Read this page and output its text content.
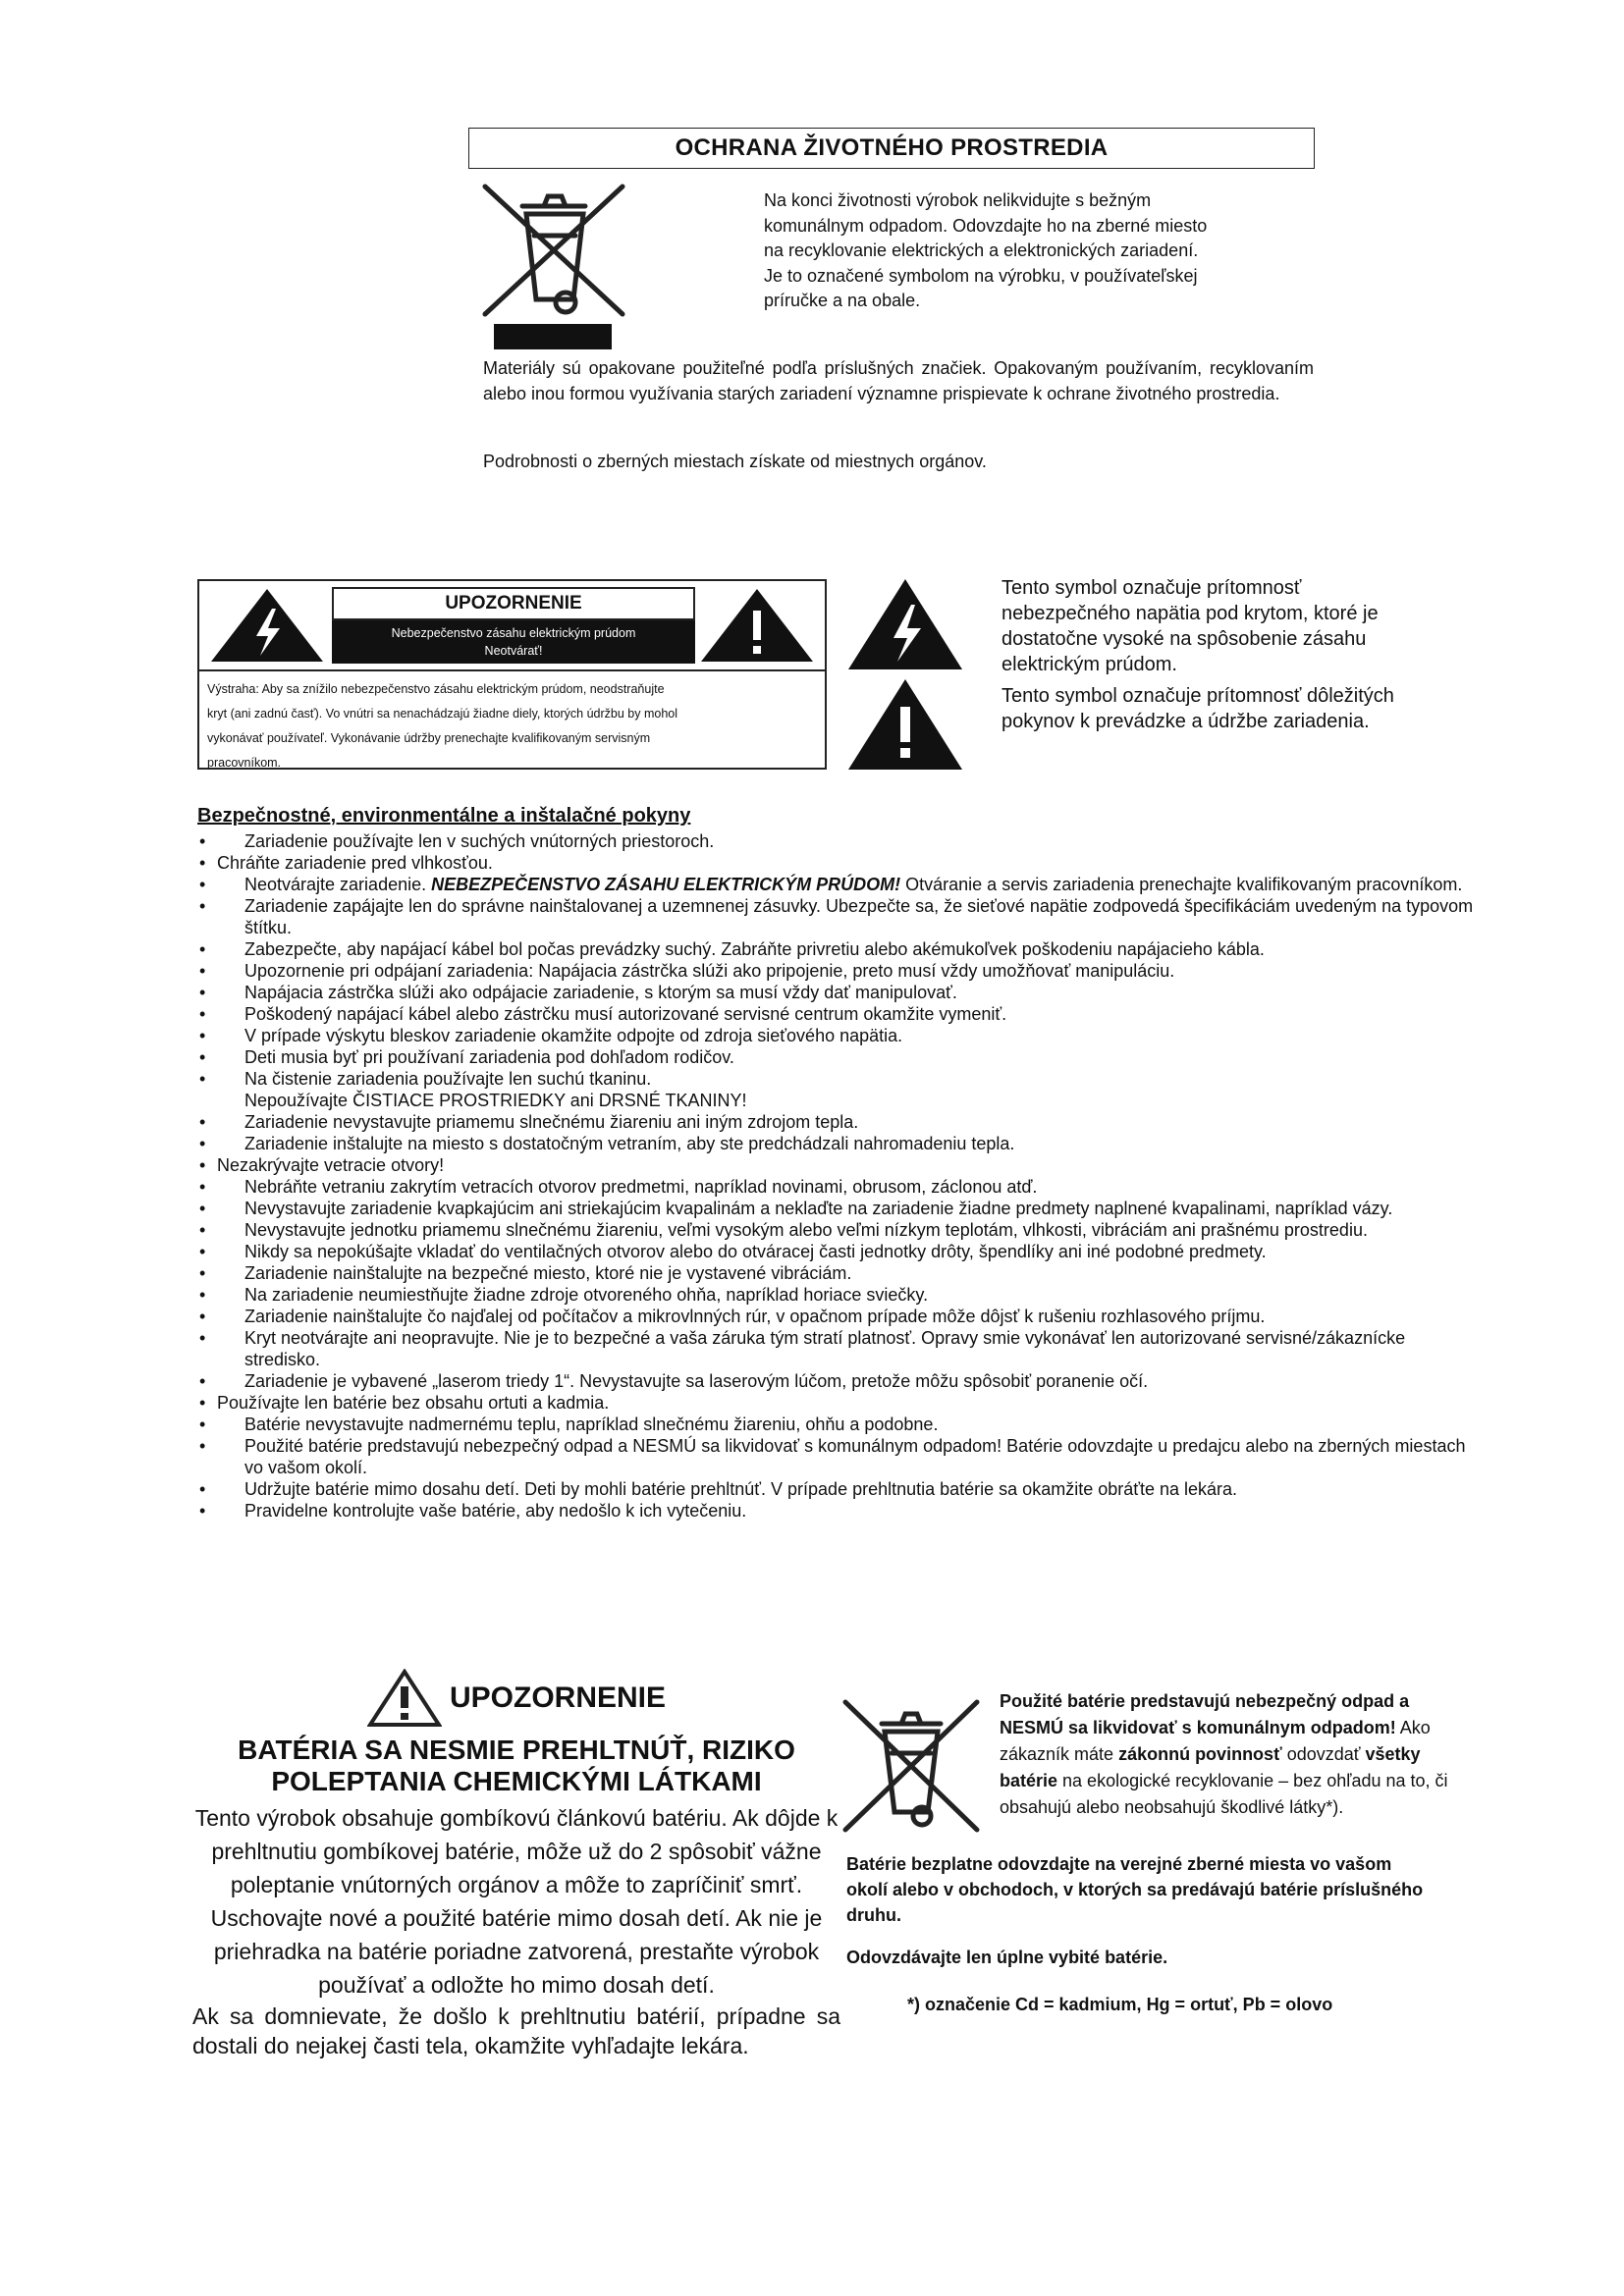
OCHRANA ŽIVOTNÉHO PROSTREDIA

Na konci životnosti výrobok nelikvidujte s bežným

komunálnym odpadom. Odovzdajte ho na zberné miesto

na recyklovanie elektrických a elektronických zariadení.

Je to označené symbolom na výrobku, v používateľskej

príručke a na obale.

Materiály sú opakovane použiteľné podľa príslušných značiek. Opakovaným používaním, recyklovaním alebo inou formou využívania starých zariadení významne prispievate k ochrane životného prostredia.

Podrobnosti o zberných miestach získate od miestnych orgánov.

UPOZORNENIE
Nebezpečenstvo zásahu elektrickým prúdom
Neotvárať!
Výstraha: Aby sa znížilo nebezpečenstvo zásahu elektrickým prúdom, neodstraňujte
kryt (ani zadnú časť). Vo vnútri sa nenachádzajú žiadne diely, ktorých údržbu by mohol
vykonávať používateľ. Vykonávanie údržby prenechajte kvalifikovaným servisným
pracovníkom.

Tento symbol označuje prítomnosť nebezpečného napätia pod krytom, ktoré je dostatočne vysoké na spôsobenie zásahu elektrickým prúdom.

Tento symbol označuje prítomnosť dôležitých pokynov k prevádzke a údržbe zariadenia.

Bezpečnostné, environmentálne a inštalačné pokyny
• Zariadenie používajte len v suchých vnútorných priestoroch.
• Chráňte zariadenie pred vlhkosťou.
• Neotvárajte zariadenie. NEBEZPEČENSTVO ZÁSAHU ELEKTRICKÝM PRÚDOM! Otváranie a servis zariadenia prenechajte kvalifikovaným pracovníkom.
• Zariadenie zapájajte len do správne nainštalovanej a uzemnenej zásuvky. Ubezpečte sa, že sieťové napätie zodpovedá špecifikáciám uvedeným na typovom štítku.
• Zabezpečte, aby napájací kábel bol počas prevádzky suchý. Zabráňte privretiu alebo akémukoľvek poškodeniu napájacieho kábla.
• Upozornenie pri odpájaní zariadenia: Napájacia zástrčka slúži ako pripojenie, preto musí vždy umožňovať manipuláciu.
• Napájacia zástrčka slúži ako odpájacie zariadenie, s ktorým sa musí vždy dať manipulovať.
• Poškodený napájací kábel alebo zástrčku musí autorizované servisné centrum okamžite vymeniť.
• V prípade výskytu bleskov zariadenie okamžite odpojte od zdroja sieťového napätia.
• Deti musia byť pri používaní zariadenia pod dohľadom rodičov.
• Na čistenie zariadenia používajte len suchú tkaninu.
Nepoužívajte ČISTIACE PROSTRIEDKY ani DRSNÉ TKANINY!
• Zariadenie nevystavujte priamemu slnečnému žiareniu ani iným zdrojom tepla.
• Zariadenie inštalujte na miesto s dostatočným vetraním, aby ste predchádzali nahromadeniu tepla.
• Nezakrývajte vetracie otvory!
• Nebráňte vetraniu zakrytím vetracích otvorov predmetmi, napríklad novinami, obrusom, záclonou atď.
• Nevystavujte zariadenie kvapkajúcim ani striekajúcim kvapalinám a neklaďte na zariadenie žiadne predmety naplnené kvapalinami, napríklad vázy.
• Nevystavujte jednotku priamemu slnečnému žiareniu, veľmi vysokým alebo veľmi nízkym teplotám, vlhkosti, vibráciám ani prašnému prostrediu.
• Nikdy sa nepokúšajte vkladať do ventilačných otvorov alebo do otváracej časti jednotky drôty, špendlíky ani iné podobné predmety.
• Zariadenie nainštalujte na bezpečné miesto, ktoré nie je vystavené vibráciám.
• Na zariadenie neumiestňujte žiadne zdroje otvoreného ohňa, napríklad horiace sviečky.
• Zariadenie nainštalujte čo najďalej od počítačov a mikrovlnných rúr, v opačnom prípade môže dôjsť k rušeniu rozhlasového príjmu.
• Kryt neotvárajte ani neopravujte. Nie je to bezpečné a vaša záruka tým stratí platnosť. Opravy smie vykonávať len autorizované servisné/zákaznícke stredisko.
• Zariadenie je vybavené „laserom triedy 1“. Nevystavujte sa laserovým lúčom, pretože môžu spôsobiť poranenie očí.
• Používajte len batérie bez obsahu ortuti a kadmia.
• Batérie nevystavujte nadmernému teplu, napríklad slnečnému žiareniu, ohňu a podobne.
• Použité batérie predstavujú nebezpečný odpad a NESMÚ sa likvidovať s komunálnym odpadom! Batérie odovzdajte u predajcu alebo na zberných miestach vo vašom okolí.
• Udržujte batérie mimo dosahu detí. Deti by mohli batérie prehltnúť. V prípade prehltnutia batérie sa okamžite obráťte na lekára.
• Pravidelne kontrolujte vaše batérie, aby nedošlo k ich vytečeniu.
UPOZORNENIE
BATÉRIA SA NESMIE PREHLTNÚŤ, RIZIKO
POLEPTANIA CHEMICKÝMI LÁTKAMI

Tento výrobok obsahuje gombíkovú článkovú batériu. Ak dôjde k prehltnutiu gombíkovej batérie, môže už do 2 spôsobiť vážne poleptanie vnútorných orgánov a môže to zapríčiniť smrť.

Uschovajte nové a použité batérie mimo dosah detí. Ak nie je priehradka na batérie poriadne zatvorená, prestaňte výrobok používať a odložte ho mimo dosah detí.

Ak sa domnievate, že došlo k prehltnutiu batérií, prípadne sa dostali do nejakej časti tela, okamžite vyhľadajte lekára.

Použité batérie predstavujú nebezpečný odpad a NESMÚ sa likvidovať s komunálnym odpadom! Ako zákazník máte zákonnú povinnosť odovzdať všetky batérie na ekologické recyklovanie – bez ohľadu na to, či obsahujú alebo neobsahujú škodlivé látky*).
Batérie bezplatne odovzdajte na verejné zberné miesta vo vašom okolí alebo v obchodoch, v ktorých sa predávajú batérie príslušného druhu.
Odovzdávajte len úplne vybité batérie.
*) označenie Cd = kadmium, Hg = ortuť, Pb = olovo
